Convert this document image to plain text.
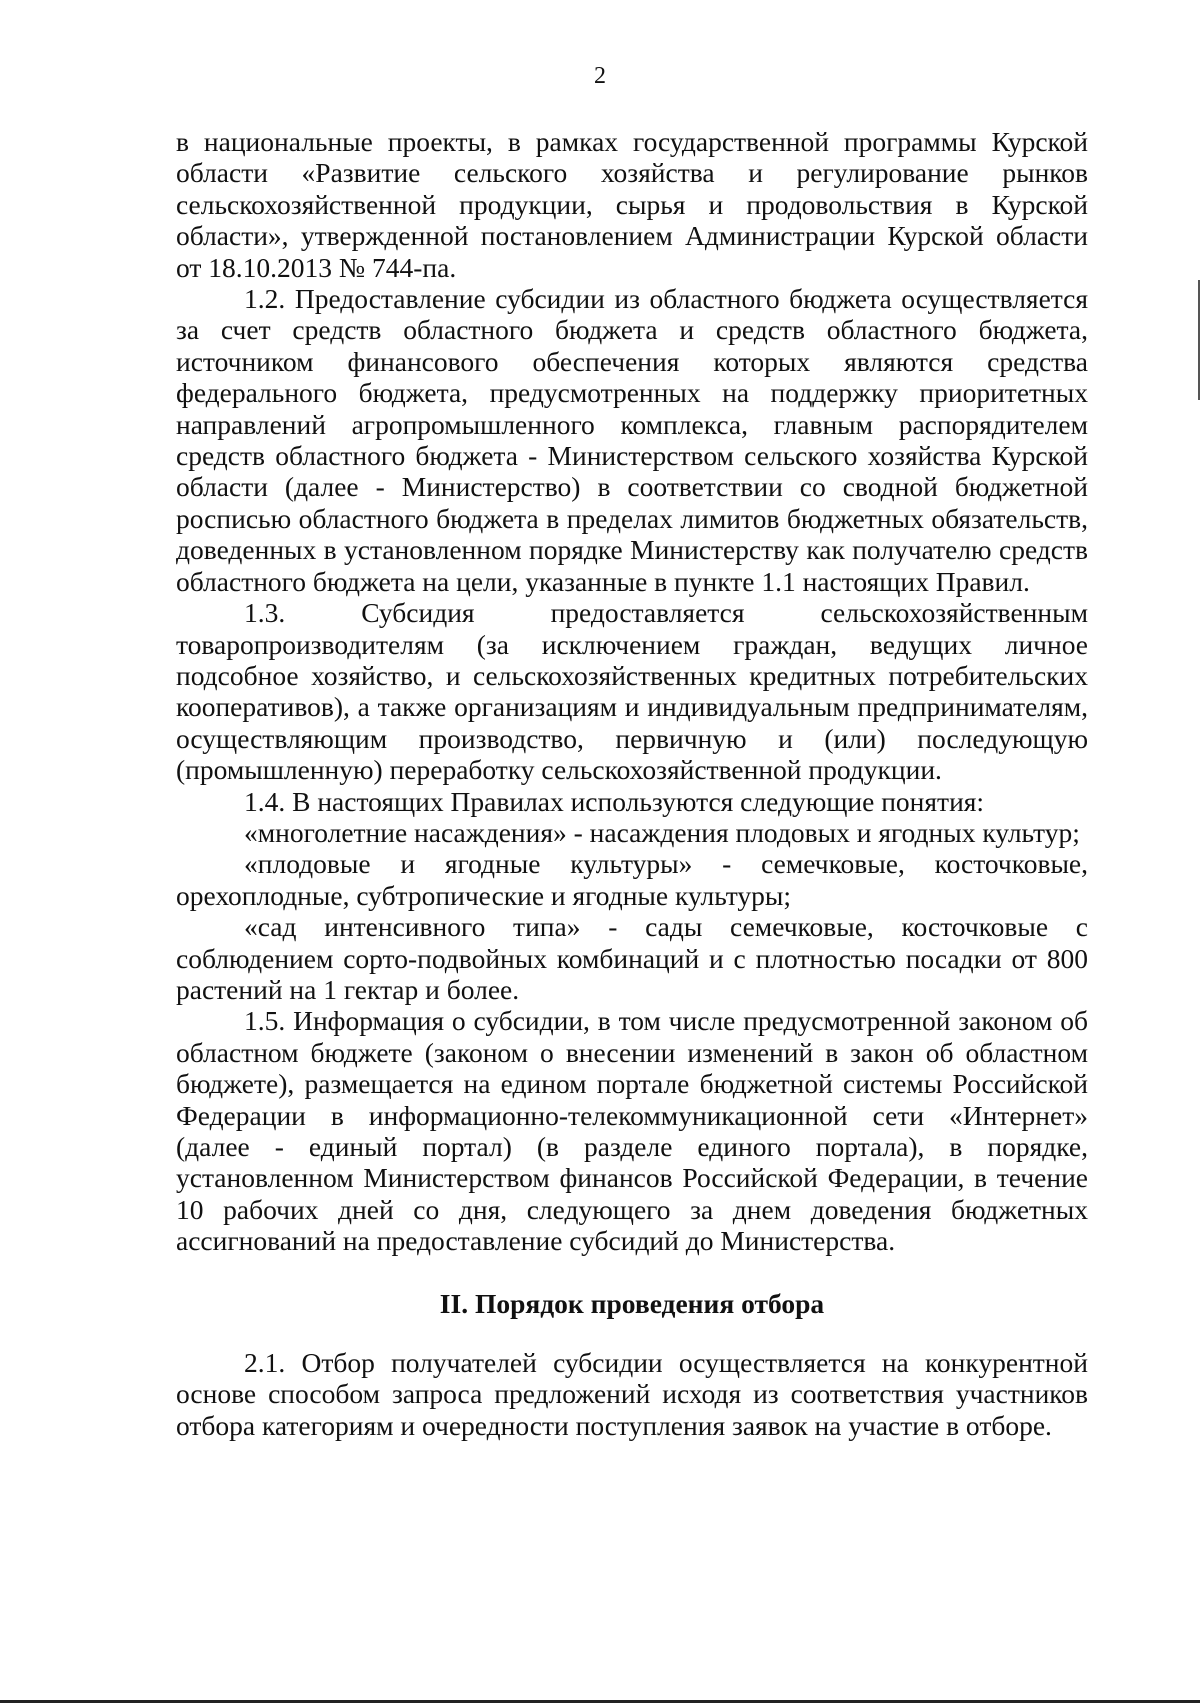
2

в национальные проекты, в рамках государственной программы Курской области «Развитие сельского хозяйства и регулирование рынков сельскохозяйственной продукции, сырья и продовольствия в Курской области», утвержденной постановлением Администрации Курской области от 18.10.2013 № 744-па.

1.2. Предоставление субсидии из областного бюджета осуществляется за счет средств областного бюджета и средств областного бюджета, источником финансового обеспечения которых являются средства федерального бюджета, предусмотренных на поддержку приоритетных направлений агропромышленного комплекса, главным распорядителем средств областного бюджета - Министерством сельского хозяйства Курской области (далее - Министерство) в соответствии со сводной бюджетной росписью областного бюджета в пределах лимитов бюджетных обязательств, доведенных в установленном порядке Министерству как получателю средств областного бюджета на цели, указанные в пункте 1.1 настоящих Правил.

1.3. Субсидия предоставляется сельскохозяйственным товаропроизводителям (за исключением граждан, ведущих личное подсобное хозяйство, и сельскохозяйственных кредитных потребительских кооперативов), а также организациям и индивидуальным предпринимателям, осуществляющим производство, первичную и (или) последующую (промышленную) переработку сельскохозяйственной продукции.

1.4. В настоящих Правилах используются следующие понятия:

«многолетние насаждения» - насаждения плодовых и ягодных культур;

«плодовые и ягодные культуры» - семечковые, косточковые, орехоплодные, субтропические и ягодные культуры;

«сад интенсивного типа» - сады семечковые, косточковые с соблюдением сорто-подвойных комбинаций и с плотностью посадки от 800 растений на 1 гектар и более.

1.5. Информация о субсидии, в том числе предусмотренной законом об областном бюджете (законом о внесении изменений в закон об областном бюджете), размещается на едином портале бюджетной системы Российской Федерации в информационно-телекоммуникационной сети «Интернет» (далее - единый портал) (в разделе единого портала), в порядке, установленном Министерством финансов Российской Федерации, в течение 10 рабочих дней со дня, следующего за днем доведения бюджетных ассигнований на предоставление субсидий до Министерства.

II. Порядок проведения отбора

2.1. Отбор получателей субсидии осуществляется на конкурентной основе способом запроса предложений исходя из соответствия участников отбора категориям и очередности поступления заявок на участие в отборе.
